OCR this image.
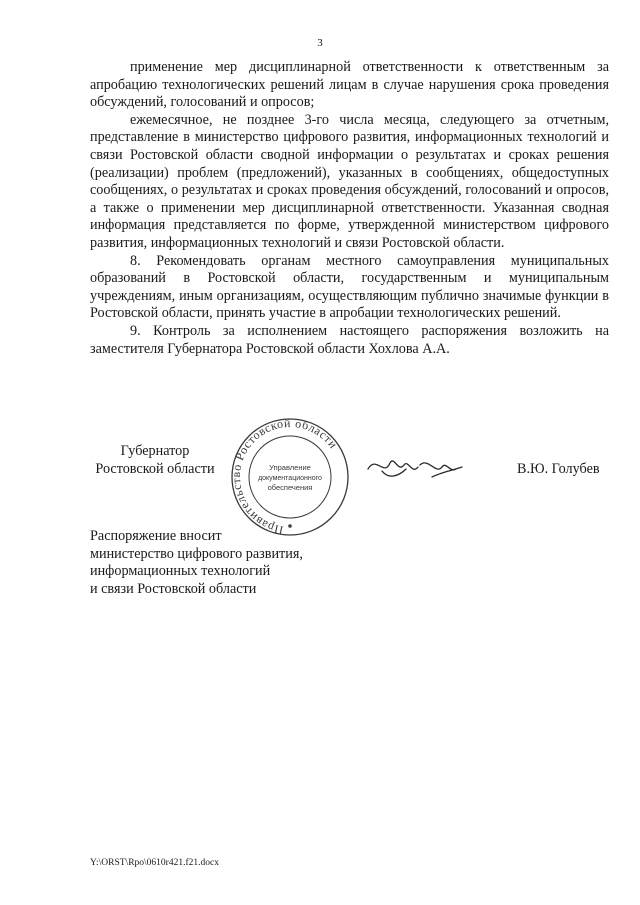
3

применение мер дисциплинарной ответственности к ответственным за апробацию технологических решений лицам в случае нарушения срока проведения обсуждений, голосований и опросов;

ежемесячное, не позднее 3-го числа месяца, следующего за отчетным, представление в министерство цифрового развития, информационных технологий и связи Ростовской области сводной информации о результатах и сроках решения (реализации) проблем (предложений), указанных в сообщениях, общедоступных сообщениях, о результатах и сроках проведения обсуждений, голосований и опросов, а также о применении мер дисциплинарной ответственности. Указанная сводная информация представляется по форме, утвержденной министерством цифрового развития, информационных технологий и связи Ростовской области.

8. Рекомендовать органам местного самоуправления муниципальных образований в Ростовской области, государственным и муниципальным учреждениям, иным организациям, осуществляющим публично значимые функции в Ростовской области, принять участие в апробации технологических решений.

9. Контроль за исполнением настоящего распоряжения возложить на заместителя Губернатора Ростовской области Хохлова А.А.

Губернатор
Ростовской области
Правительство Ростовской области
Управление
документационного
обеспечения
В.Ю. Голубев
Распоряжение вносит
министерство цифрового развития,
информационных технологий
и связи Ростовской области
Y:\ORST\Rpo\0610r421.f21.docx
